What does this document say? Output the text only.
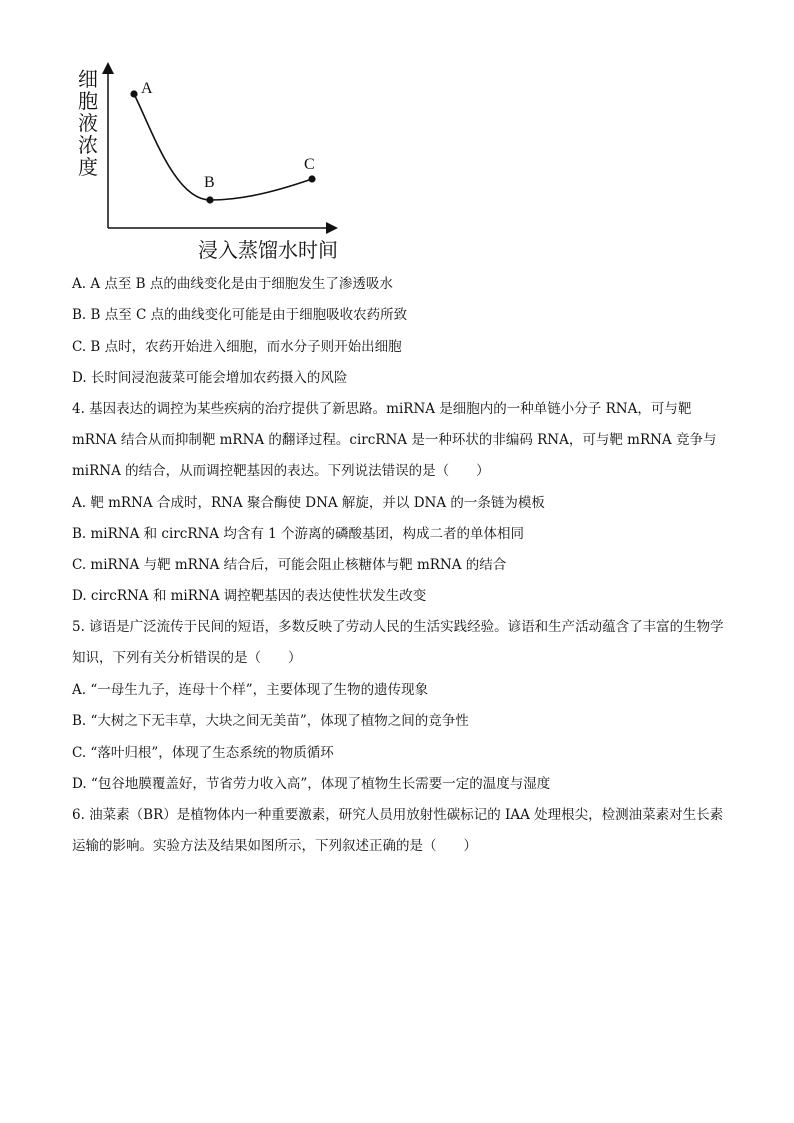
细胞液浓度
浸入蒸馏水时间
A
B
C
A. A 点至 B 点的曲线变化是由于细胞发生了渗透吸水
B. B 点至 C 点的曲线变化可能是由于细胞吸收农药所致
C. B 点时，农药开始进入细胞，而水分子则开始出细胞
D. 长时间浸泡菠菜可能会增加农药摄入的风险
4. 基因表达的调控为某些疾病的治疗提供了新思路。miRNA 是细胞内的一种单链小分子 RNA，可与靶 mRNA 结合从而抑制靶 mRNA 的翻译过程。circRNA 是一种环状的非编码 RNA，可与靶 mRNA 竞争与 miRNA 的结合，从而调控靶基因的表达。下列说法错误的是（　　）
A. 靶 mRNA 合成时，RNA 聚合酶使 DNA 解旋，并以 DNA 的一条链为模板
B. miRNA 和 circRNA 均含有 1 个游离的磷酸基团，构成二者的单体相同
C. miRNA 与靶 mRNA 结合后，可能会阻止核糖体与靶 mRNA 的结合
D. circRNA 和 miRNA 调控靶基因的表达使性状发生改变
5. 谚语是广泛流传于民间的短语，多数反映了劳动人民的生活实践经验。谚语和生产活动蕴含了丰富的生物学知识，下列有关分析错误的是（　　）
A. “一母生九子，连母十个样”，主要体现了生物的遗传现象
B. “大树之下无丰草，大块之间无美苗”，体现了植物之间的竞争性
C. “落叶归根”，体现了生态系统的物质循环
D. “包谷地膜覆盖好，节省劳力收入高”，体现了植物生长需要一定的温度与湿度
6. 油菜素（BR）是植物体内一种重要激素，研究人员用放射性碳标记的 IAA 处理根尖，检测油菜素对生长素运输的影响。实验方法及结果如图所示，下列叙述正确的是（　　）
